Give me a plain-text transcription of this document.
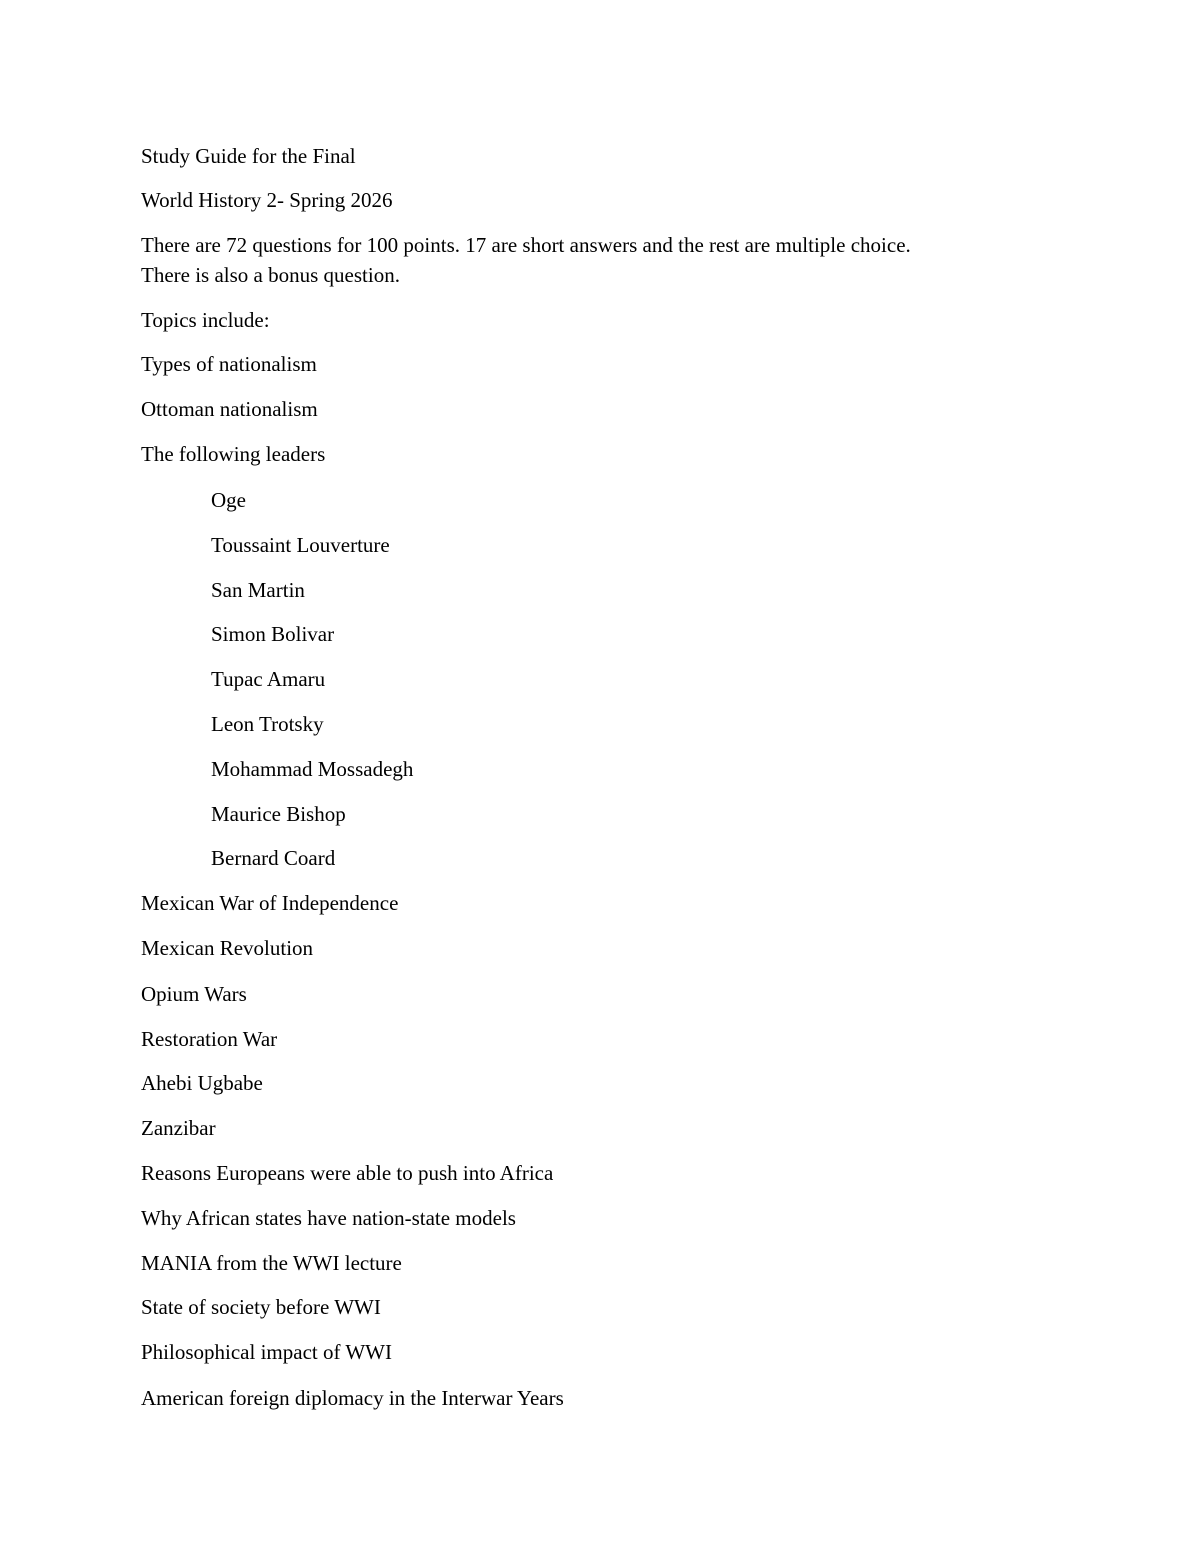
Study Guide for the Final

World History 2- Spring 2026

There are 72 questions for 100 points. 17 are short answers and the rest are multiple choice.

There is also a bonus question.

Topics include:

Types of nationalism

Ottoman nationalism

The following leaders

Oge

Toussaint Louverture

San Martin

Simon Bolivar

Tupac Amaru

Leon Trotsky

Mohammad Mossadegh

Maurice Bishop

Bernard Coard

Mexican War of Independence

Mexican Revolution

Opium Wars

Restoration War

Ahebi Ugbabe

Zanzibar

Reasons Europeans were able to push into Africa

Why African states have nation-state models

MANIA from the WWI lecture

State of society before WWI

Philosophical impact of WWI

American foreign diplomacy in the Interwar Years
